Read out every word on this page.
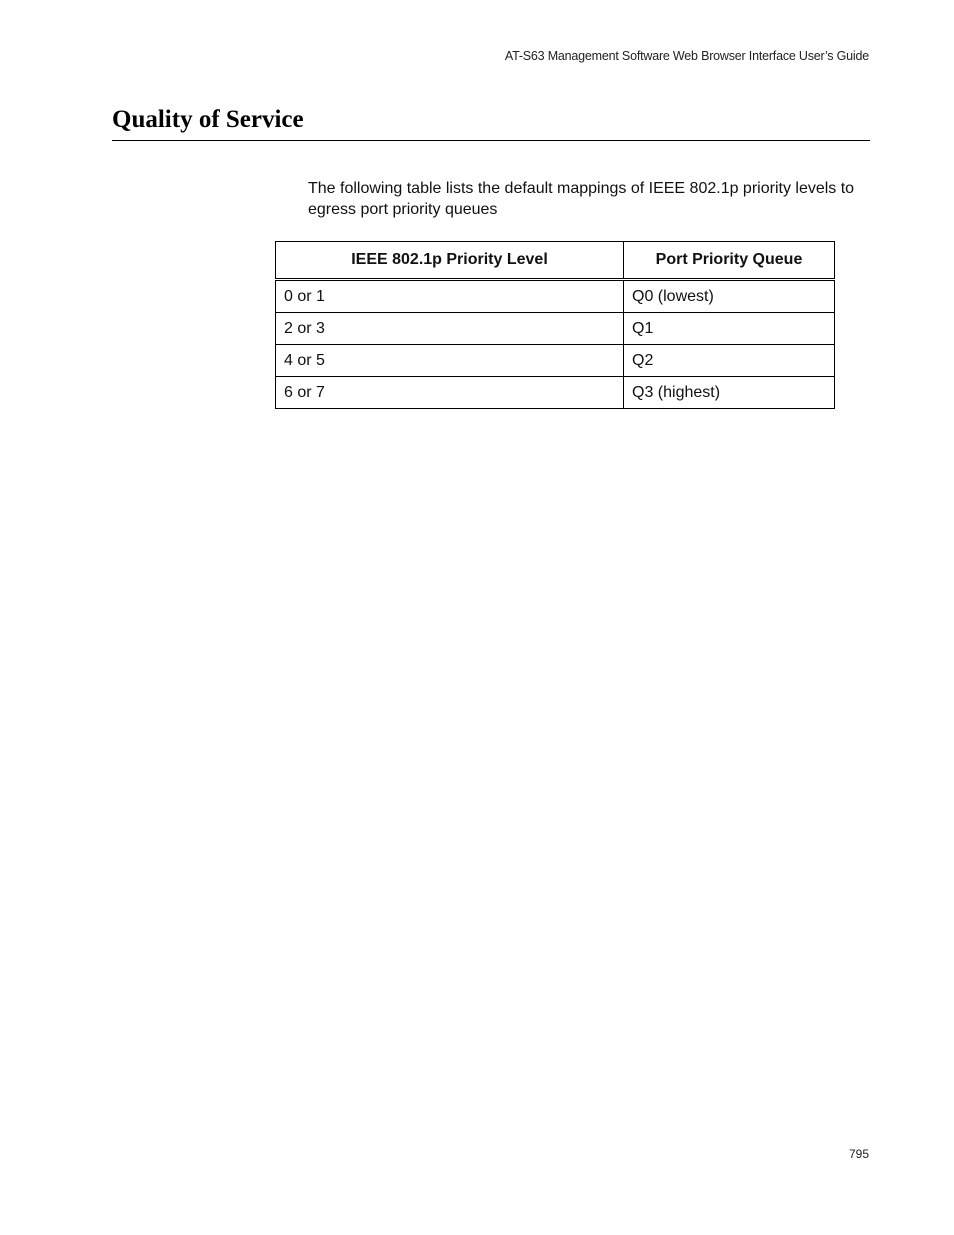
AT-S63 Management Software Web Browser Interface User’s Guide
Quality of Service

The following table lists the default mappings of IEEE 802.1p priority levels to egress port priority queues

IEEE 802.1p Priority Level	Port Priority Queue
0 or 1	Q0 (lowest)
2 or 3	Q1
4 or 5	Q2
6 or 7	Q3 (highest)
795
